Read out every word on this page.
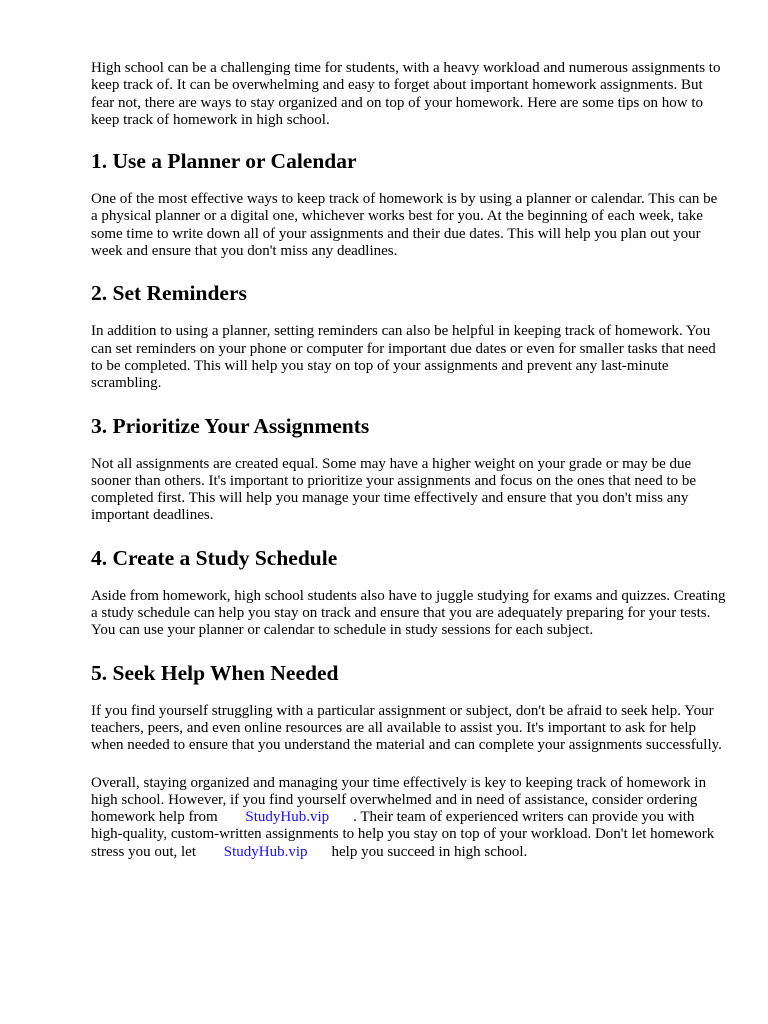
High school can be a challenging time for students, with a heavy workload and numerous assignments to keep track of. It can be overwhelming and easy to forget about important homework assignments. But fear not, there are ways to stay organized and on top of your homework. Here are some tips on how to keep track of homework in high school.

1. Use a Planner or Calendar

One of the most effective ways to keep track of homework is by using a planner or calendar. This can be a physical planner or a digital one, whichever works best for you. At the beginning of each week, take some time to write down all of your assignments and their due dates. This will help you plan out your week and ensure that you don't miss any deadlines.

2. Set Reminders

In addition to using a planner, setting reminders can also be helpful in keeping track of homework. You can set reminders on your phone or computer for important due dates or even for smaller tasks that need to be completed. This will help you stay on top of your assignments and prevent any last-minute scrambling.

3. Prioritize Your Assignments

Not all assignments are created equal. Some may have a higher weight on your grade or may be due sooner than others. It's important to prioritize your assignments and focus on the ones that need to be completed first. This will help you manage your time effectively and ensure that you don't miss any important deadlines.

4. Create a Study Schedule

Aside from homework, high school students also have to juggle studying for exams and quizzes. Creating a study schedule can help you stay on track and ensure that you are adequately preparing for your tests. You can use your planner or calendar to schedule in study sessions for each subject.

5. Seek Help When Needed

If you find yourself struggling with a particular assignment or subject, don't be afraid to seek help. Your teachers, peers, and even online resources are all available to assist you. It's important to ask for help when needed to ensure that you understand the material and can complete your assignments successfully.

Overall, staying organized and managing your time effectively is key to keeping track of homework in high school. However, if you find yourself overwhelmed and in need of assistance, consider ordering homework help from StudyHub.vip . Their team of experienced writers can provide you with high-quality, custom-written assignments to help you stay on top of your workload. Don't let homework stress you out, let StudyHub.vip help you succeed in high school.
